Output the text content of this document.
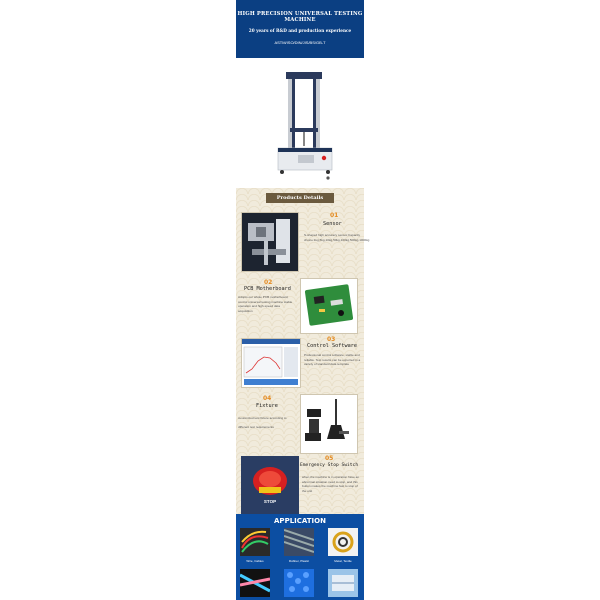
HIGH PRECISION UNIVERSAL TESTING MACHINE
20 years of R&D and production experience
ASTM/ISO/DIN/JIS/BS/GB-T
Products Details
01
Sensor
S-shaped high accuracy sensor,Capacity choice:1kg,5kg,10kg,50kg,100kg,500kg,1000kg
02
PCB Motherboard
Adopts our whole PCB motherboard, control universal testing machine stable operation and high-speed data acquisition
03
Control Software
Professional control software, stable and reliable. Test results can be exported in a variety of standard data template
04
Fixture
customized test fixture according to different test requirements
STOP
05
Emergency Stop Switch
when the machine is in operation have an abnormal situation need to stop, and this button makes the machine fast to stop of the unit
APPLICATION
Wire, Cables	Rubber, Plastic	Metal, Textile
